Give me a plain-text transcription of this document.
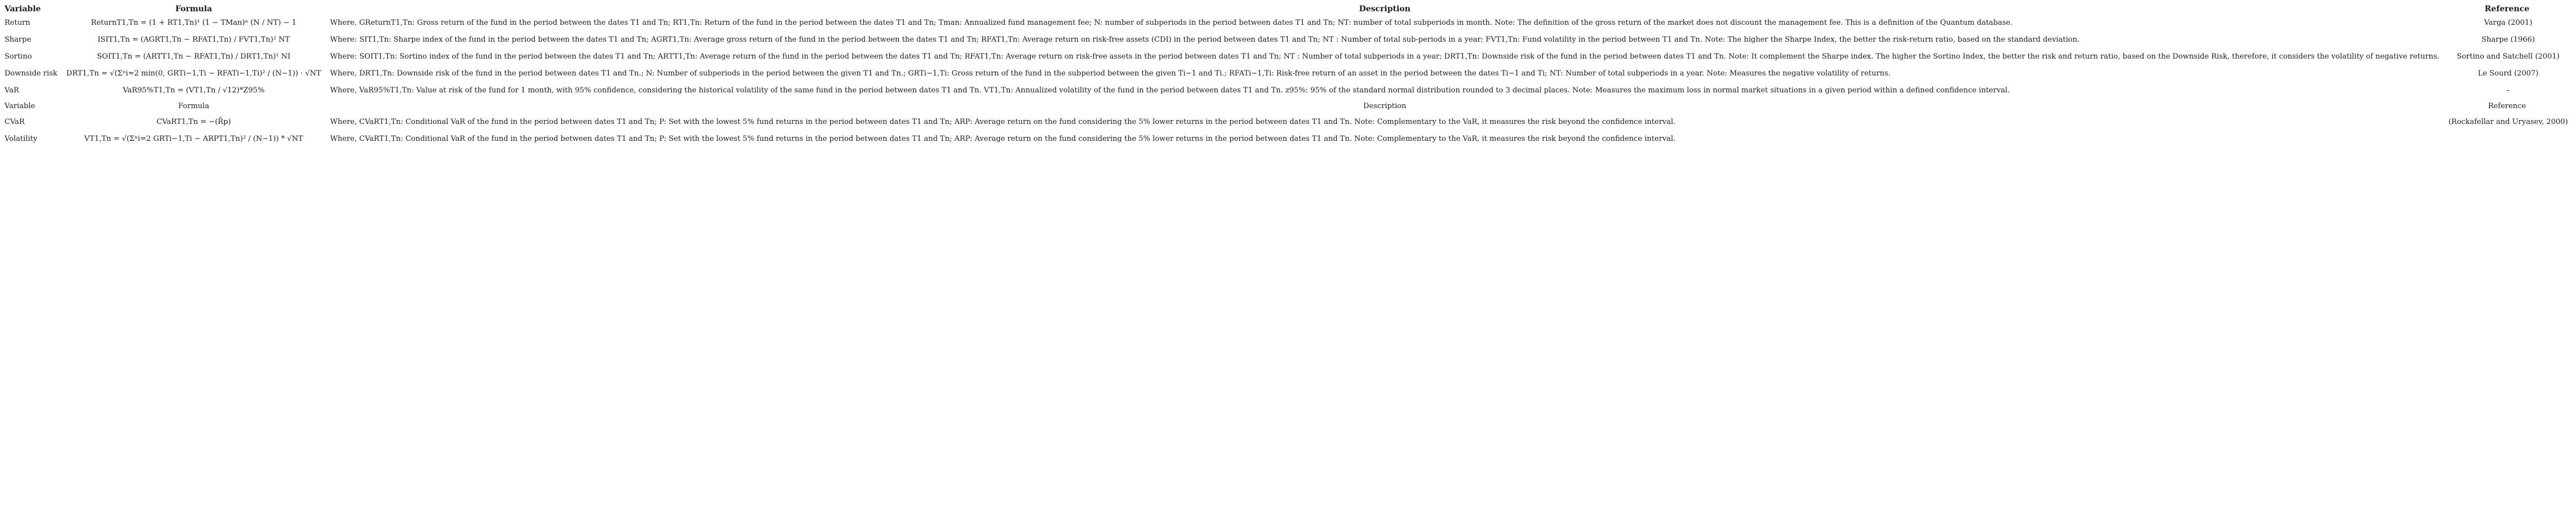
Variable	Formula	Description	Reference
Return	ReturnT1,Tn = (1 + RT1,Tn)¹ (1 − TMan)ⁿ (N / NT) − 1	Where, GReturnT1,Tn: Gross return of the fund in the period between the dates T1 and Tn; RT1,Tn: Return of the fund in the period between the dates T1 and Tn; Tman: Annualized fund management fee; N: number of subperiods in the period between dates T1 and Tn; NT: number of total subperiods in month. Note: The definition of the gross return of the market does not discount the management fee. This is a definition of the Quantum database.	Varga (2001)
Sharpe	ISIT1,Tn = (AGRT1,Tn − RFAT1,Tn) / FVT1,Tn)² NT	Where: SIT1,Tn: Sharpe index of the fund in the period between the dates T1 and Tn; AGRT1,Tn: Average gross return of the fund in the period between the dates T1 and Tn; RFAT1,Tn: Average return on risk-free assets (CDI) in the period between dates T1 and Tn; NT : Number of total sub-periods in a year; FVT1,Tn: Fund volatility in the period between T1 and Tn. Note: The higher the Sharpe Index, the better the risk-return ratio, based on the standard deviation.	Sharpe (1966)
Sortino	SOIT1,Tn = (ARTT1,Tn − RFAT1,Tn) / DRT1,Tn)¹ NI	Where: SOIT1,Tn: Sortino index of the fund in the period between the dates T1 and Tn; ARTT1,Tn: Average return of the fund in the period between the dates T1 and Tn; RFAT1,Tn: Average return on risk-free assets in the period between dates T1 and Tn; NT : Number of total subperiods in a year; DRT1,Tn: Downside risk of the fund in the period between dates T1 and Tn. Note: It complement the Sharpe index. The higher the Sortino Index, the better the risk and return ratio, based on the Downside Risk, therefore, it considers the volatility of negative returns.	Sortino and Satchell (2001)
Downside risk	DRT1,Tn = √(Σⁿi=2 min(0, GRTi−1,Ti − RFATi−1,Ti)² / (N−1)) · √NT	Where, DRT1,Tn: Downside risk of the fund in the period between dates T1 and Tn.; N: Number of subperiods in the period between the given T1 and Tn.; GRTi−1,Ti: Gross return of the fund in the subperiod between the given Ti−1 and Ti.; RFATi−1,Ti: Risk-free return of an asset in the period between the dates Ti−1 and Ti; NT: Number of total subperiods in a year. Note: Measures the negative volatility of returns.	Le Sourd (2007)
VaR	VaR95%T1,Tn = (VT1,Tn / √12)*Z95%	Where, VaR95%T1,Tn: Value at risk of the fund for 1 month, with 95% confidence, considering the historical volatility of the same fund in the period between dates T1 and Tn. VT1,Tn: Annualized volatility of the fund in the period between dates T1 and Tn. z95%: 95% of the standard normal distribution rounded to 3 decimal places. Note: Measures the maximum loss in normal market situations in a given period within a defined confidence interval.	–
Variable	Formula	Description	Reference
CVaR	CVaRT1,Tn = −(R̄p)	Where, CVaRT1,Tn: Conditional VaR of the fund in the period between dates T1 and Tn; P: Set with the lowest 5% fund returns in the period between dates T1 and Tn; ARP: Average return on the fund considering the 5% lower returns in the period between dates T1 and Tn. Note: Complementary to the VaR, it measures the risk beyond the confidence interval.	(Rockafellar and Uryasev, 2000)
Volatility	VT1,Tn = √(Σⁿi=2 GRTi−1,Ti − ARPT1,Tn)² / (N−1)) * √NT	Where, CVaRT1,Tn: Conditional VaR of the fund in the period between dates T1 and Tn; P: Set with the lowest 5% fund returns in the period between dates T1 and Tn; ARP: Average return on the fund considering the 5% lower returns in the period between dates T1 and Tn. Note: Complementary to the VaR, it measures the risk beyond the confidence interval.	
